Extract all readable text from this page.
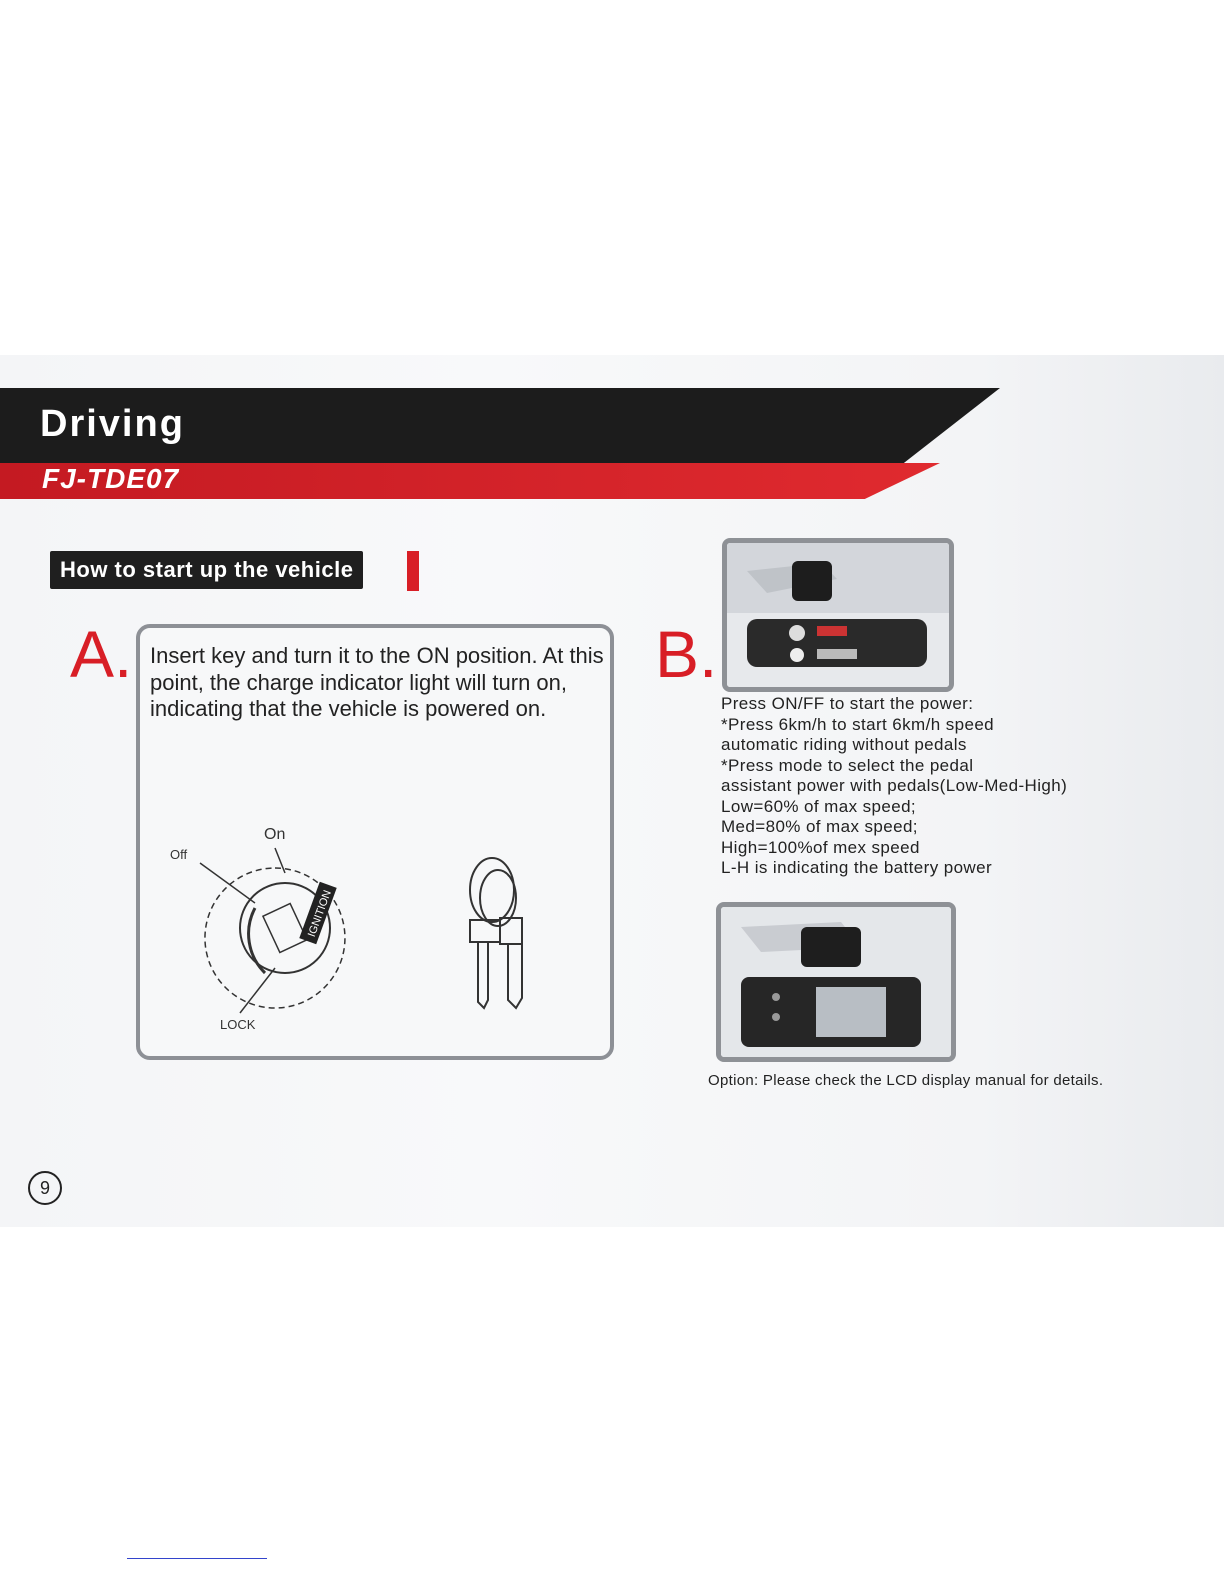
Driving
FJ-TDE07
How to start up the vehicle
A. Insert key and turn it to the ON position. At this point, the charge indicator light will turn on, indicating that the vehicle is powered on.
IGNITION
On
Off
LOCK
B.
Press ON/FF to start the power:
*Press 6km/h to start 6km/h speed
automatic riding without pedals
*Press mode to select the pedal
assistant power with pedals(Low-Med-High)
Low=60% of max speed;
Med=80% of max speed;
High=100%of mex speed
L-H is indicating the battery power
Option: Please check the LCD display manual for details.
9
